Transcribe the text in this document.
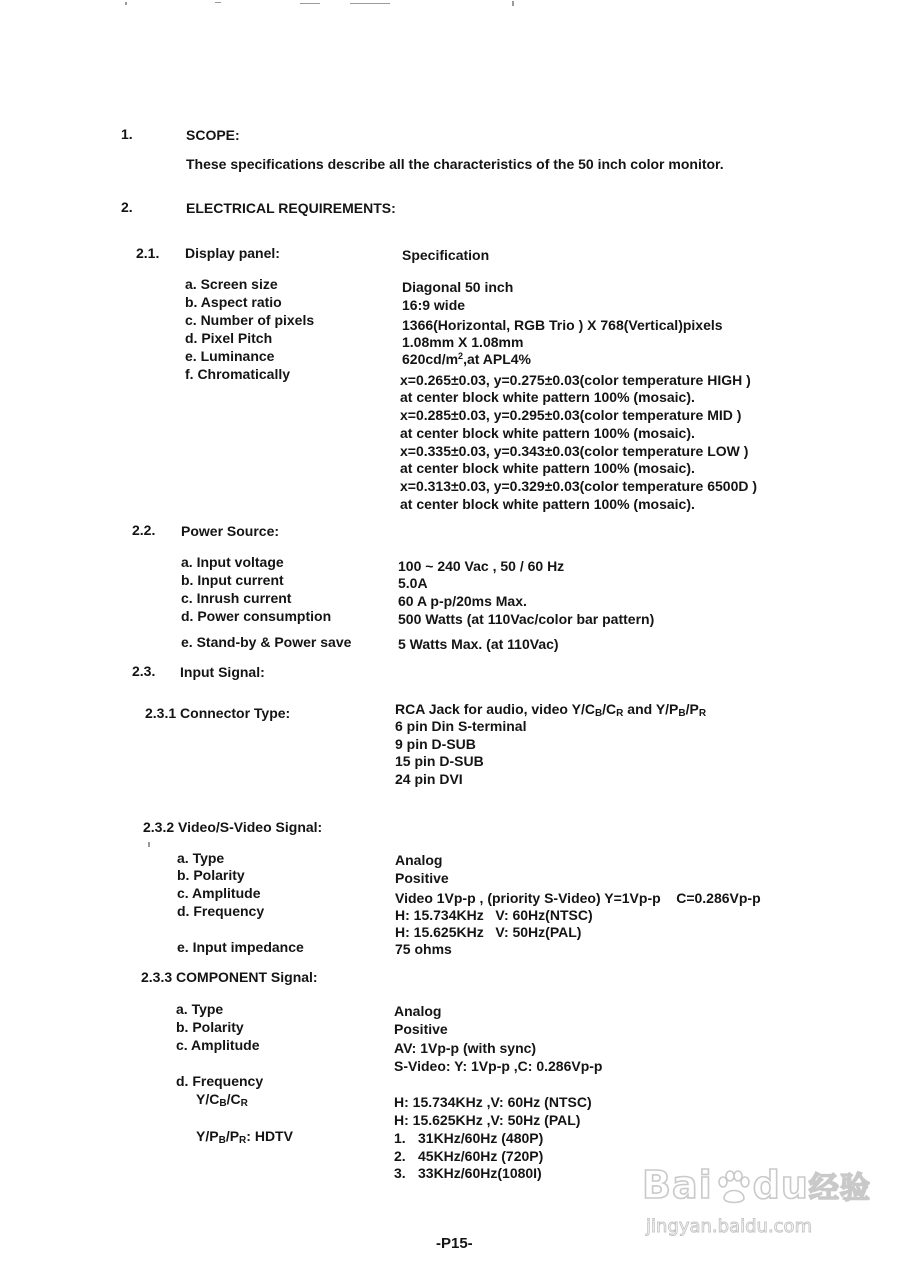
1.	SCOPE:
These specifications describe all the characteristics of the 50 inch color monitor.
2.	ELECTRICAL REQUIREMENTS:
2.1. Display panel:	Specification
a. Screen size	Diagonal 50 inch
b. Aspect ratio	16:9 wide
c. Number of pixels	1366(Horizontal, RGB Trio ) X 768(Vertical)pixels
d. Pixel Pitch	1.08mm X 1.08mm
e. Luminance	$620cd/m^2,at$ APL4%
f. Chromatically	x=0.265±0.03, y=0.275±0.03(color temperature HIGH )
at center block white pattern 100% (mosaic).
x=0.285±0.03, y=0.295±0.03(color temperature MID )
at center block white pattern 100% (mosaic).
x=0.335±0.03, y=0.343±0.03(color temperature LOW )
at center block white pattern 100% (mosaic).
x=0.313±0.03, y=0.329±0.03(color temperature 6500D )
at center block white pattern 100% (mosaic).
2.2. Power Source:
a. Input voltage	100 ~ 240 Vac , 50 / 60 Hz
b. Input current	5.0A
c. Inrush current	60 A p-p/20ms Max.
d. Power consumption	500 Watts (at 110Vac/color bar pattern)
e. Stand-by & Power save	5 Watts Max. (at 110Vac)
2.3. Input Signal:
2.3.1 Connector Type:	RCA Jack for audio, video $Y/C_B/C_R$ and $Y/P_B/P_R$
6 pin Din S-terminal
9 pin D-SUB
15 pin D-SUB
24 pin DVI
2.3.2 Video/S-Video Signal:
a. Type	Analog
b. Polarity	Positive
c. Amplitude	Video 1Vp-p , (priority S-Video) Y=1Vp-p    C=0.286Vp-p
d. Frequency	H: 15.734KHz   V: 60Hz(NTSC)
H: 15.625KHz   V: 50Hz(PAL)
e. Input impedance	75 ohms
2.3.3 COMPONENT Signal:
a. Type	Analog
b. Polarity	Positive
c. Amplitude	AV: 1Vp-p (with sync)
S-Video: Y: 1Vp-p ,C: 0.286Vp-p
d. Frequency
$Y/C_B/C_R$	H: 15.734KHz ,V: 60Hz (NTSC)
H: 15.625KHz ,V: 50Hz (PAL)
$Y/P_B/P_R$: HDTV	1. 31KHz/60Hz (480P)
2. 45KHz/60Hz (720P)
3. 33KHz/60Hz(1080I)
-P15-
Bai du经验
jingyan.baidu.com
